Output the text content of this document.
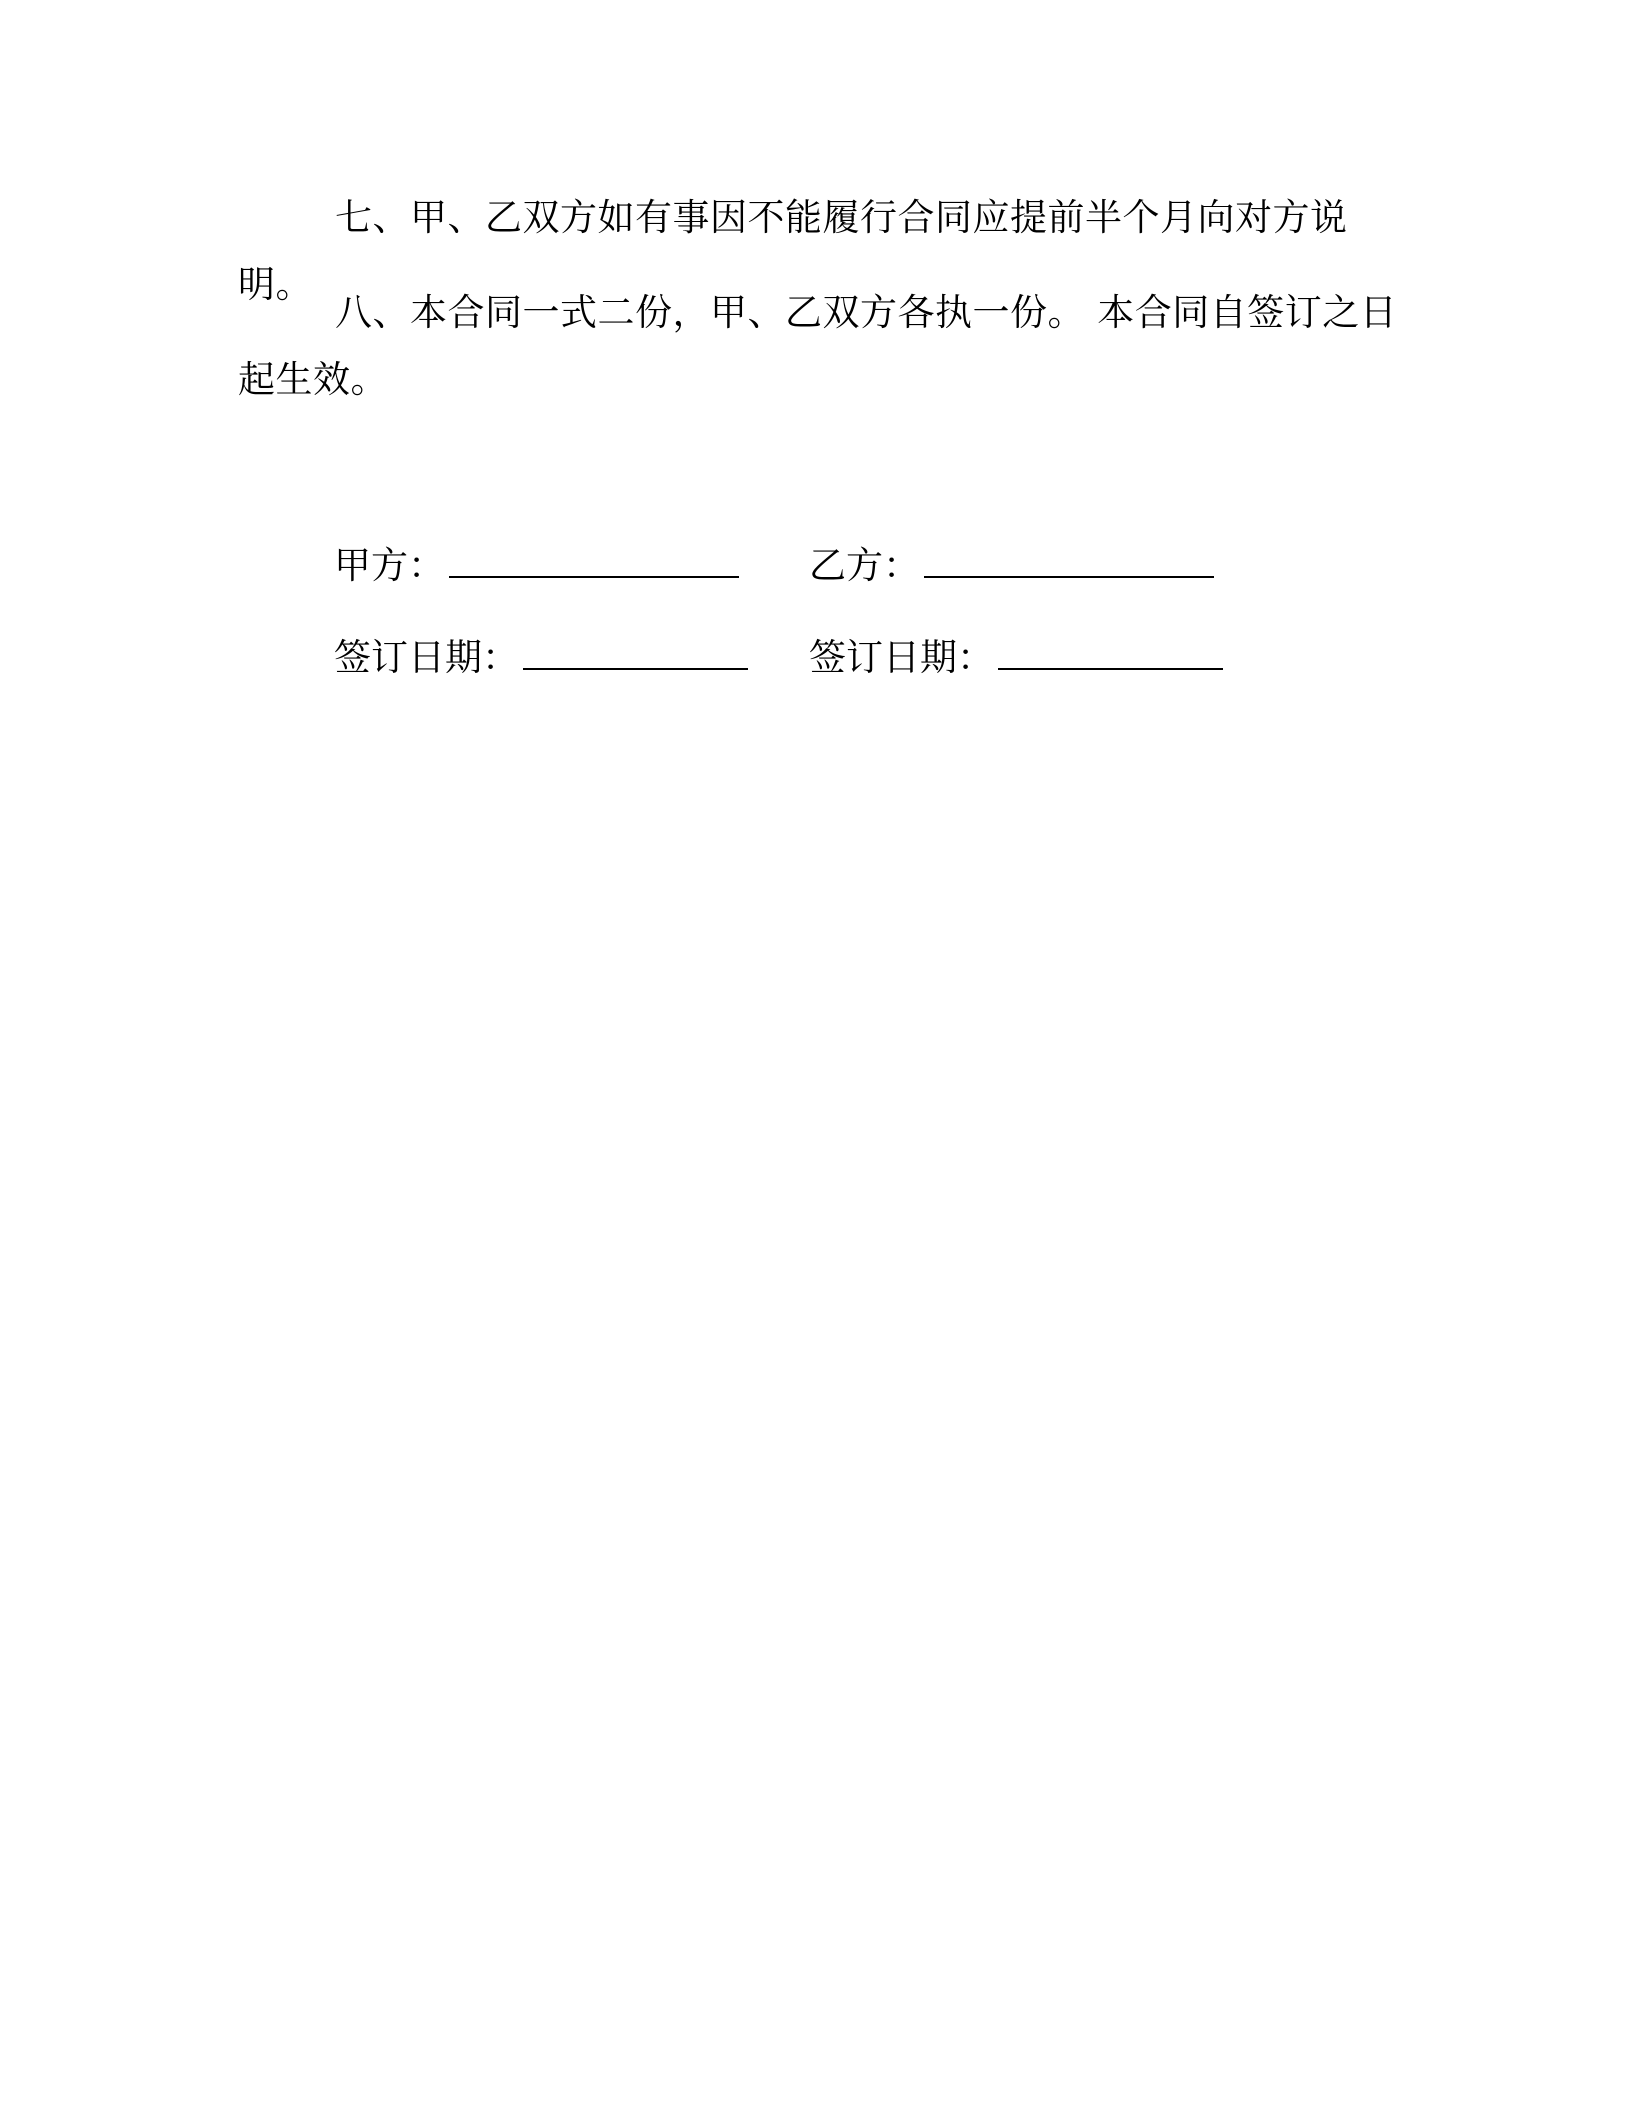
七、甲、乙双方如有事因不能履行合同应提前半个月向对方说明。

八、本合同一式二份，甲、乙双方各执一份。 本合同自签订之日起生效。

甲方：	乙方：
签订日期：	签订日期：
